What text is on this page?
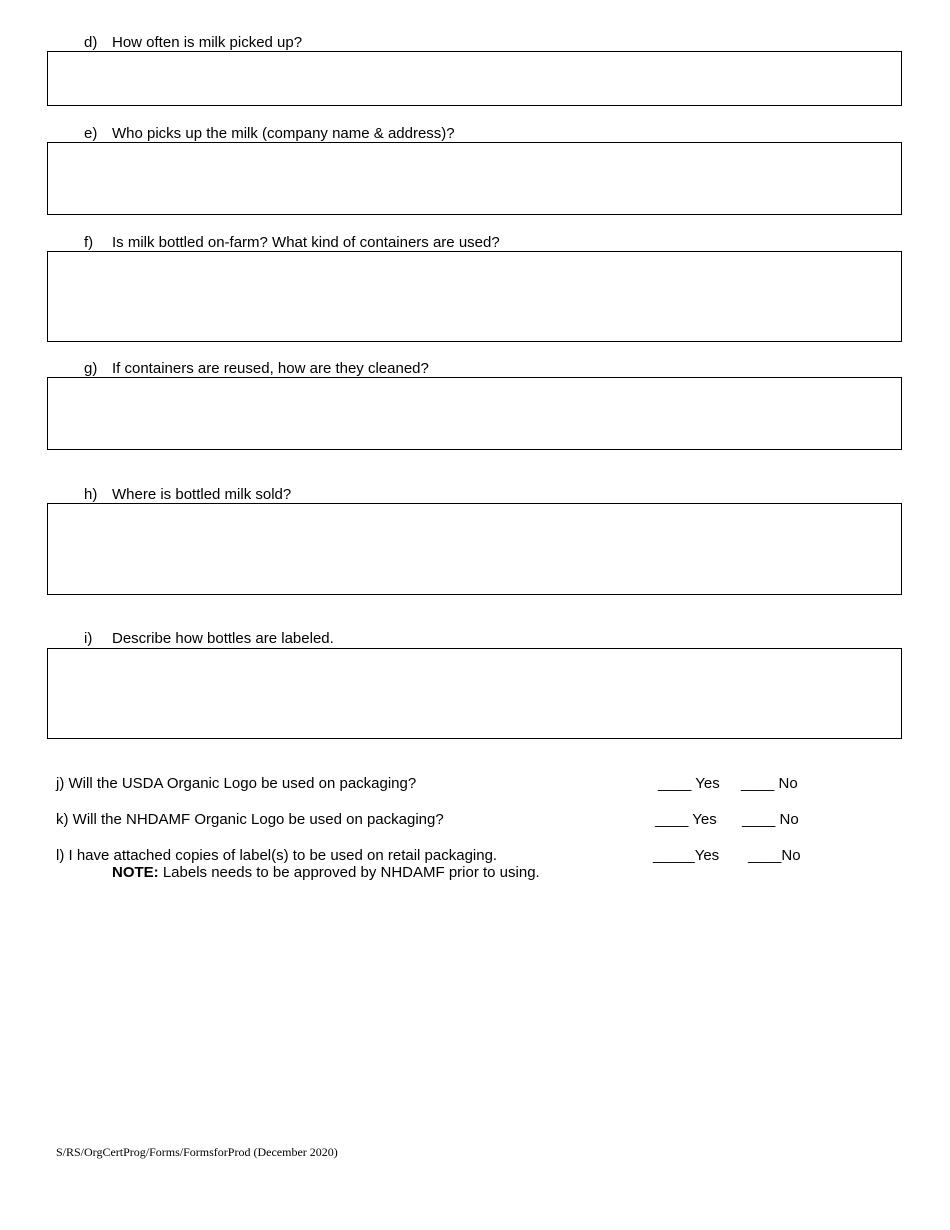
d) How often is milk picked up?
e) Who picks up the milk (company name & address)?
f) Is milk bottled on-farm? What kind of containers are used?
g) If containers are reused, how are they cleaned?
h) Where is bottled milk sold?
i) Describe how bottles are labeled.
j) Will the USDA Organic Logo be used on packaging?	____ Yes ____ No
k) Will the NHDAMF Organic Logo be used on packaging?	____ Yes ____ No
l) I have attached copies of label(s) to be used on retail packaging.	_____Yes ____No
NOTE: Labels needs to be approved by NHDAMF prior to using.
S/RS/OrgCertProg/Forms/FormsforProd (December 2020)
